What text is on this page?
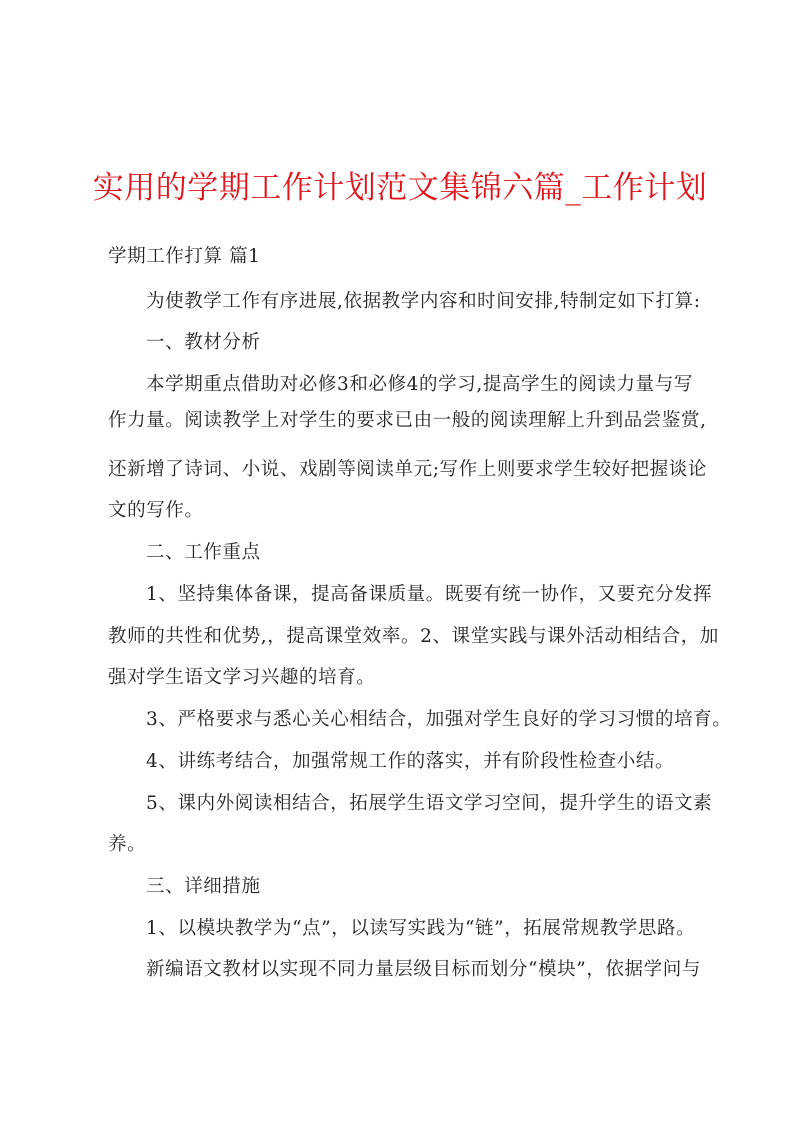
实用的学期工作计划范文集锦六篇_工作计划
学期工作打算 篇1
为使教学工作有序进展,依据教学内容和时间安排,特制定如下打算:
一、教材分析
本学期重点借助对必修3和必修4的学习,提高学生的阅读力量与写
作力量。阅读教学上对学生的要求已由一般的阅读理解上升到品尝鉴赏,
还新增了诗词、小说、戏剧等阅读单元;写作上则要求学生较好把握谈论
文的写作。
二、工作重点
1、坚持集体备课，提高备课质量。既要有统一协作，又要充分发挥
教师的共性和优势,，提高课堂效率。2、课堂实践与课外活动相结合，加
强对学生语文学习兴趣的培育。
3、严格要求与悉心关心相结合，加强对学生良好的学习习惯的培育。
4、讲练考结合，加强常规工作的落实，并有阶段性检查小结。
5、课内外阅读相结合，拓展学生语文学习空间，提升学生的语文素
养。
三、详细措施
1、以模块教学为“点”，以读写实践为“链”，拓展常规教学思路。
新编语文教材以实现不同力量层级目标而划分“模块”，依据学问与
